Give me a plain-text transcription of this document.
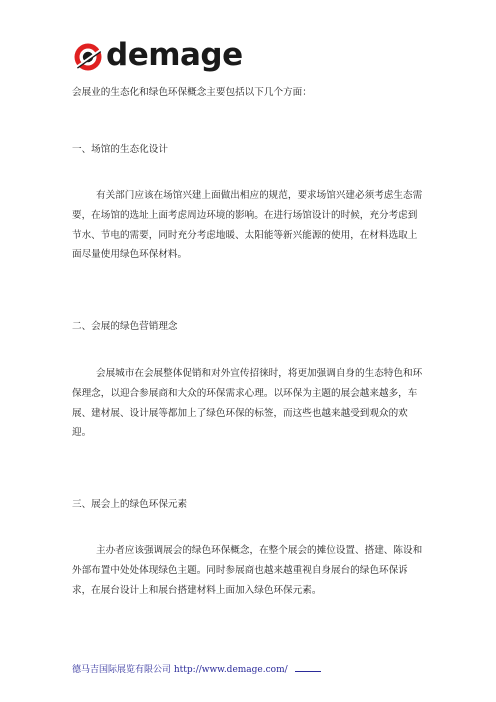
demage

会展业的生态化和绿色环保概念主要包括以下几个方面：

一、场馆的生态化设计

有关部门应该在场馆兴建上面做出相应的规范，要求场馆兴建必须考虑生态需要，在场馆的选址上面考虑周边环境的影响。在进行场馆设计的时候，充分考虑到节水、节电的需要，同时充分考虑地暖、太阳能等新兴能源的使用，在材料选取上面尽量使用绿色环保材料。

二、会展的绿色营销理念

会展城市在会展整体促销和对外宣传招徕时，将更加强调自身的生态特色和环保理念，以迎合参展商和大众的环保需求心理。以环保为主题的展会越来越多，车展、建材展、设计展等都加上了绿色环保的标签，而这些也越来越受到观众的欢迎。

三、展会上的绿色环保元素

主办者应该强调展会的绿色环保概念，在整个展会的摊位设置、搭建、陈设和外部布置中处处体现绿色主题。同时参展商也越来越重视自身展台的绿色环保诉求，在展台设计上和展台搭建材料上面加入绿色环保元素。

德马吉国际展览有限公司 http://www.demage.com/
